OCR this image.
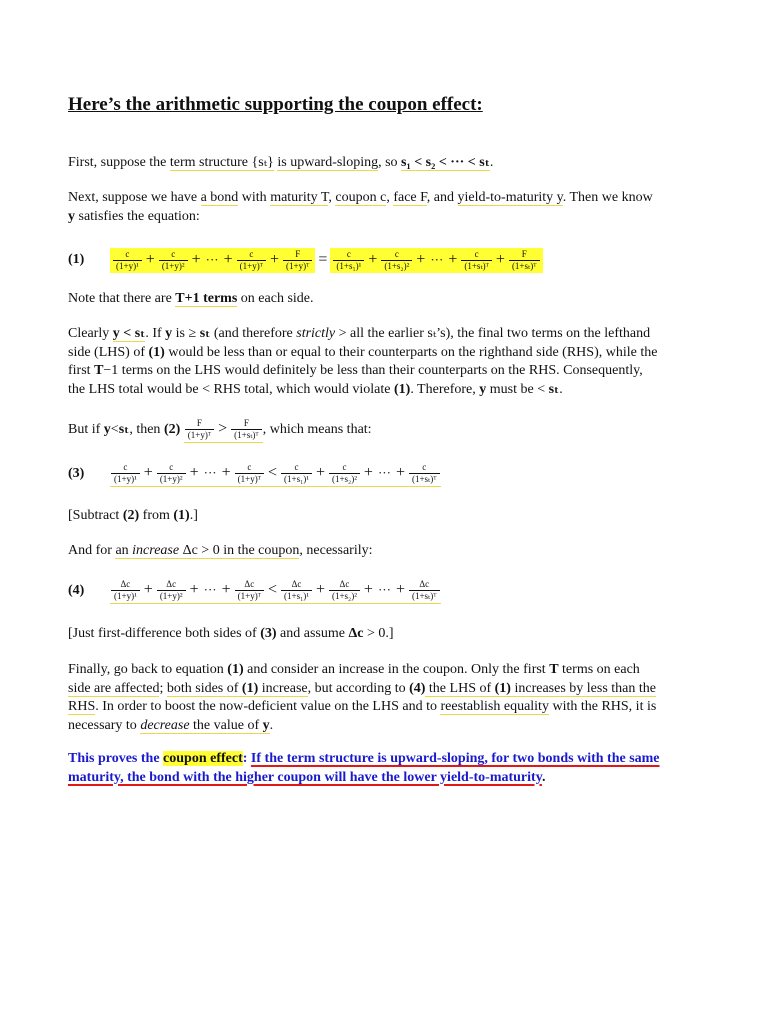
Here’s the arithmetic supporting the coupon effect:
First, suppose the term structure {sₜ} is upward-sloping, so s₁ < s₂ < ··· < sₜ.
Next, suppose we have a bond with maturity T, coupon c, face F, and yield-to-maturity y. Then we know
y satisfies the equation:
(1)	$\frac{c}{\text{(1+y)¹}} + \frac{c}{\text{(1+y)²}}$ + ··· + $\frac{c}{\text{(1+y)ᵀ}} + \frac{F}{\text{(1+y)ᵀ}} = \frac{c}{\text{(1+s₁)¹}} + \frac{c}{\text{(1+s₂)²}}$ + ··· + $\frac{c}{\text{(1+sₜ)ᵀ}} + \frac{F}{\text{(1+sₜ)ᵀ}}$
Note that there are T+1 terms on each side.
Clearly y < sₜ. If y is ≥ sₜ (and therefore strictly > all the earlier sₜ’s), the final two terms on the lefthand
side (LHS) of (1) would be less than or equal to their counterparts on the righthand side (RHS), while the
first T−1 terms on the LHS would definitely be less than their counterparts on the RHS. Consequently,
the LHS total would be < RHS total, which would violate (1). Therefore, y must be < sₜ.
But if
y < sₜ , then
(2)
$\frac{F}{\text{(1+y)ᵀ}} > \frac{F}{\text{(1+sₜ)ᵀ}}$ , which means that:
(3)	$\frac{c}{\text{(1+y)¹}} + \frac{c}{\text{(1+y)²}}$ + ··· + $\frac{c}{\text{(1+y)ᵀ}} < \frac{c}{\text{(1+s₁)¹}} + \frac{c}{\text{(1+s₂)²}}$ + ··· + $\frac{c}{\text{(1+sₜ)ᵀ}}$
[Subtract (2) from (1).]
And for an increase Δc > 0 in the coupon, necessarily:
(4)	$\frac{\Delta c}{\text{(1+y)¹}} + \frac{\Delta c}{\text{(1+y)²}}$ + ··· + $\frac{\Delta c}{\text{(1+y)ᵀ}} < \frac{\Delta c}{\text{(1+s₁)¹}} + \frac{\Delta c}{\text{(1+s₂)²}}$ + ··· + $\frac{\Delta c}{\text{(1+sₜ)ᵀ}}$
[Just first-difference both sides of (3) and assume Δc > 0.]
Finally, go back to equation (1) and consider an increase in the coupon. Only the first T terms on each
side are affected; both sides of (1) increase, but according to (4) the LHS of (1) increases by less than the
RHS. In order to boost the now-deficient value on the LHS and to reestablish equality with the RHS, it is
necessary to decrease the value of y.
This proves the coupon effect: If the term structure is upward-sloping, for two bonds with the same
maturity, the bond with the higher coupon will have the lower yield-to-maturity.
